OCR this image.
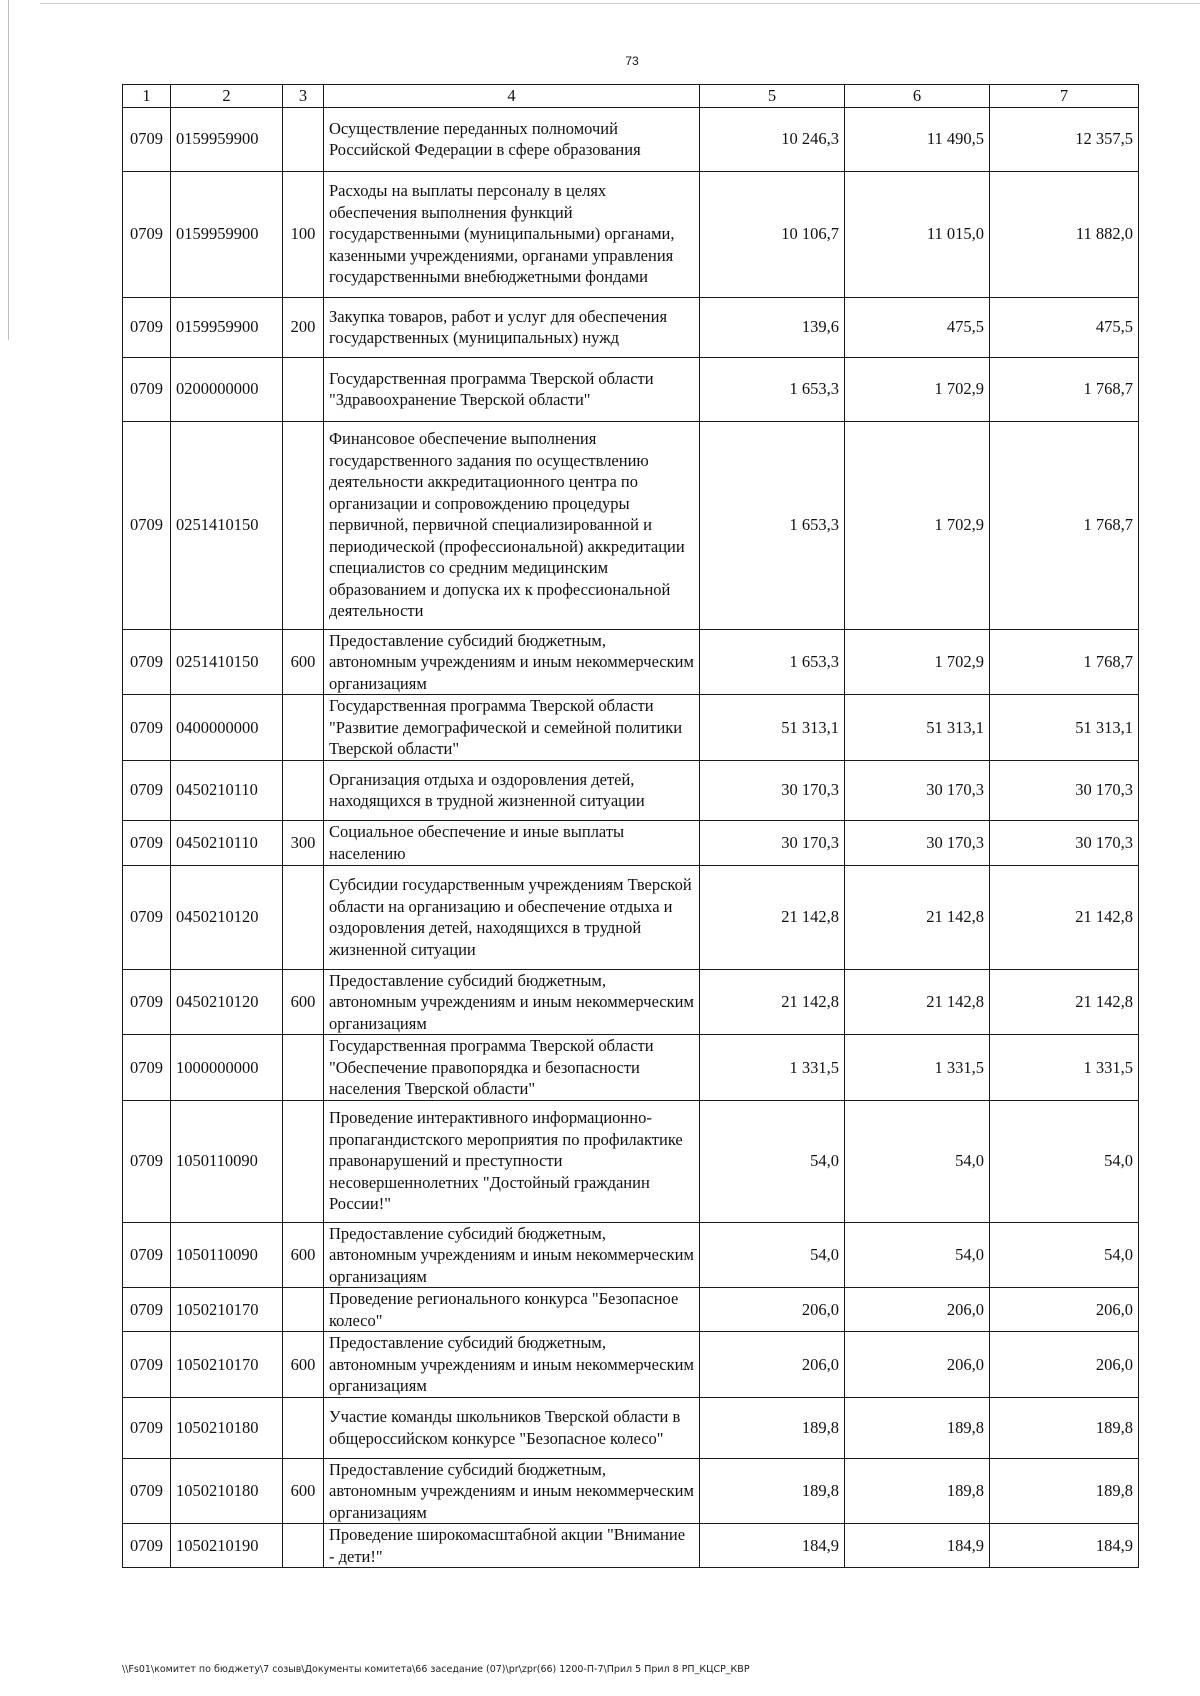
73
1	2	3	4	5	6	7
0709	0159959900		Осуществление переданных полномочий Российской Федерации в сфере образования	10 246,3	11 490,5	12 357,5
0709	0159959900	100	Расходы на выплаты персоналу в целях обеспечения выполнения функций государственными (муниципальными) органами, казенными учреждениями, органами управления государственными внебюджетными фондами	10 106,7	11 015,0	11 882,0
0709	0159959900	200	Закупка товаров, работ и услуг для обеспечения государственных (муниципальных) нужд	139,6	475,5	475,5
0709	0200000000		Государственная программа Тверской области "Здравоохранение Тверской области"	1 653,3	1 702,9	1 768,7
0709	0251410150		Финансовое обеспечение выполнения государственного задания по осуществлению деятельности аккредитационного центра по организации и сопровождению процедуры первичной, первичной специализированной и периодической (профессиональной) аккредитации специалистов со средним медицинским образованием и допуска их к профессиональной деятельности	1 653,3	1 702,9	1 768,7
0709	0251410150	600	Предоставление субсидий бюджетным, автономным учреждениям и иным некоммерческим организациям	1 653,3	1 702,9	1 768,7
0709	0400000000		Государственная программа Тверской области "Развитие демографической и семейной политики Тверской области"	51 313,1	51 313,1	51 313,1
0709	0450210110		Организация отдыха и оздоровления детей, находящихся в трудной жизненной ситуации	30 170,3	30 170,3	30 170,3
0709	0450210110	300	Социальное обеспечение и иные выплаты населению	30 170,3	30 170,3	30 170,3
0709	0450210120		Субсидии государственным учреждениям Тверской области на организацию и обеспечение отдыха и оздоровления детей, находящихся в трудной жизненной ситуации	21 142,8	21 142,8	21 142,8
0709	0450210120	600	Предоставление субсидий бюджетным, автономным учреждениям и иным некоммерческим организациям	21 142,8	21 142,8	21 142,8
0709	1000000000		Государственная программа Тверской области "Обеспечение правопорядка и безопасности населения Тверской области"	1 331,5	1 331,5	1 331,5
0709	1050110090		Проведение интерактивного информационно-пропагандистского мероприятия по профилактике правонарушений и преступности несовершеннолетних "Достойный гражданин России!"	54,0	54,0	54,0
0709	1050110090	600	Предоставление субсидий бюджетным, автономным учреждениям и иным некоммерческим организациям	54,0	54,0	54,0
0709	1050210170		Проведение регионального конкурса "Безопасное колесо"	206,0	206,0	206,0
0709	1050210170	600	Предоставление субсидий бюджетным, автономным учреждениям и иным некоммерческим организациям	206,0	206,0	206,0
0709	1050210180		Участие команды школьников Тверской области в общероссийском конкурсе "Безопасное колесо"	189,8	189,8	189,8
0709	1050210180	600	Предоставление субсидий бюджетным, автономным учреждениям и иным некоммерческим организациям	189,8	189,8	189,8
0709	1050210190		Проведение широкомасштабной акции "Внимание - дети!"	184,9	184,9	184,9
\\Fs01\комитет по бюджету\7 созыв\Документы комитета\66 заседание (07)\pr\zpr(66) 1200-П-7\Прил 5 Прил 8 РП_КЦСР_КВР
